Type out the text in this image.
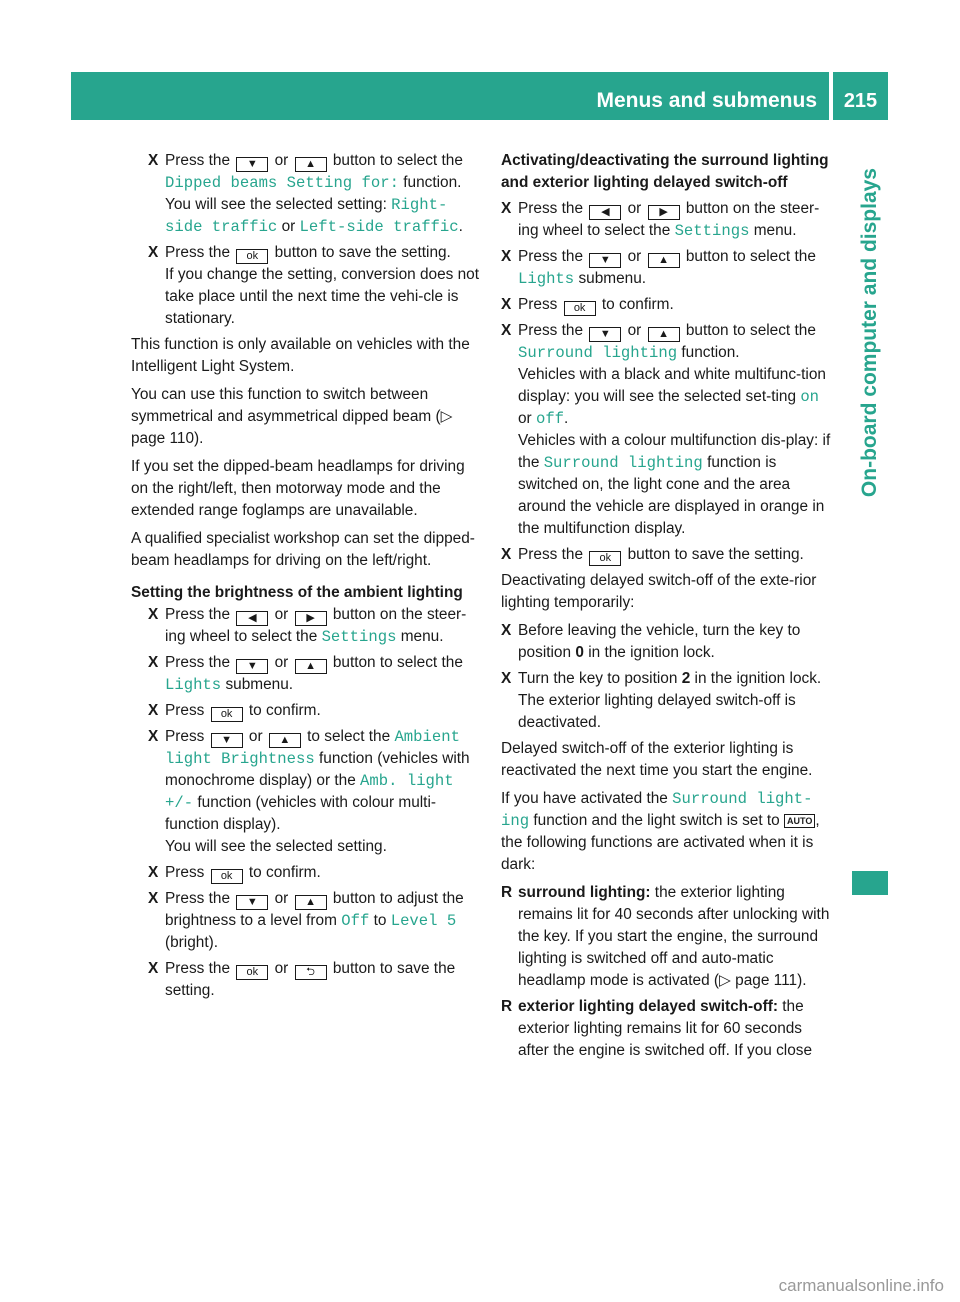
Menus and submenus	215
On-board computer and displays
X Press the ▼ or ▲ button to select the Dipped beams Setting for: function.
You will see the selected setting: Right-side traffic or Left-side traffic.
X Press the ok button to save the setting.
If you change the setting, conversion does not take place until the next time the vehi-cle is stationary.

This function is only available on vehicles with the Intelligent Light System.

You can use this function to switch between symmetrical and asymmetrical dipped beam (▷ page 110).

If you set the dipped-beam headlamps for driving on the right/left, then motorway mode and the extended range foglamps are unavailable.

A qualified specialist workshop can set the dipped-beam headlamps for driving on the left/right.

Setting the brightness of the ambient lighting

X Press the ◀ or ▶ button on the steer-ing wheel to select the Settings menu.
X Press the ▼ or ▲ button to select the Lights submenu.
X Press ok to confirm.
X Press ▼ or ▲ to select the Ambient light Brightness function (vehicles with monochrome display) or the Amb. light +/- function (vehicles with colour multi-function display).
You will see the selected setting.
X Press ok to confirm.
X Press the ▼ or ▲ button to adjust the brightness to a level from Off to Level 5 (bright).
X Press the ok or ⮌ button to save the setting.

Activating/deactivating the surround lighting and exterior lighting delayed switch-off

X Press the ◀ or ▶ button on the steer-ing wheel to select the Settings menu.
X Press the ▼ or ▲ button to select the Lights submenu.
X Press ok to confirm.
X Press the ▼ or ▲ button to select the Surround lighting function.
Vehicles with a black and white multifunc-tion display: you will see the selected set-ting on or off.
Vehicles with a colour multifunction dis-play: if the Surround lighting function is switched on, the light cone and the area around the vehicle are displayed in orange in the multifunction display.
X Press the ok button to save the setting.

Deactivating delayed switch-off of the exte-rior lighting temporarily:

X Before leaving the vehicle, turn the key to position 0 in the ignition lock.
X Turn the key to position 2 in the ignition lock.
The exterior lighting delayed switch-off is deactivated.

Delayed switch-off of the exterior lighting is reactivated the next time you start the engine.

If you have activated the Surround light-ing function and the light switch is set to AUTO , the following functions are activated when it is dark:

R surround lighting: the exterior lighting remains lit for 40 seconds after unlocking with the key. If you start the engine, the surround lighting is switched off and auto-matic headlamp mode is activated (▷ page 111).
R exterior lighting delayed switch-off: the exterior lighting remains lit for 60 seconds after the engine is switched off. If you close
carmanualsonline.info
